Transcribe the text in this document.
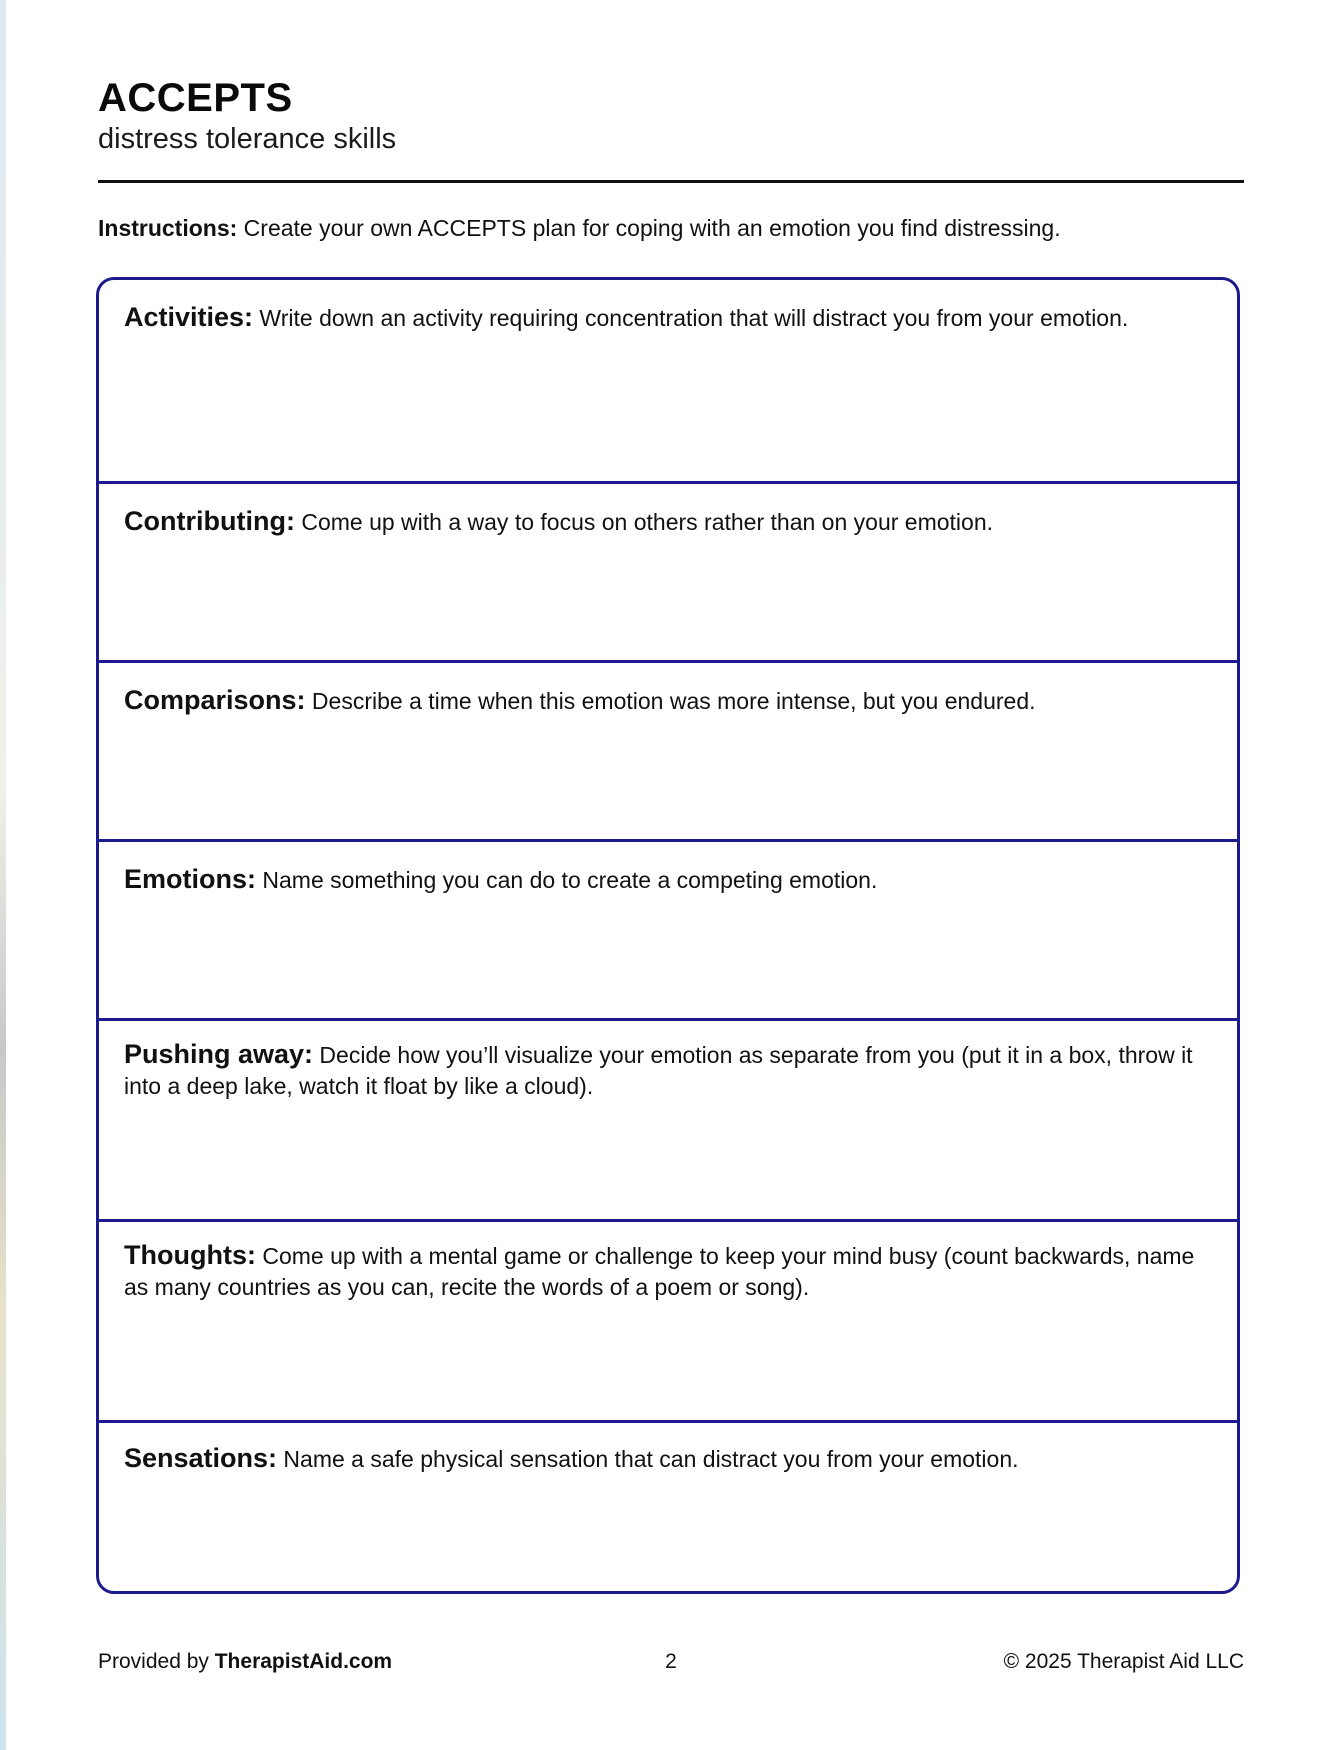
ACCEPTS
distress tolerance skills
Instructions: Create your own ACCEPTS plan for coping with an emotion you find distressing.
Activities: Write down an activity requiring concentration that will distract you from your emotion.
Contributing: Come up with a way to focus on others rather than on your emotion.
Comparisons: Describe a time when this emotion was more intense, but you endured.
Emotions: Name something you can do to create a competing emotion.
Pushing away: Decide how you’ll visualize your emotion as separate from you (put it in a box, throw it into a deep lake, watch it float by like a cloud).
Thoughts: Come up with a mental game or challenge to keep your mind busy (count backwards, name as many countries as you can, recite the words of a poem or song).
Sensations: Name a safe physical sensation that can distract you from your emotion.
Provided by TherapistAid.com	2	© 2025 Therapist Aid LLC
